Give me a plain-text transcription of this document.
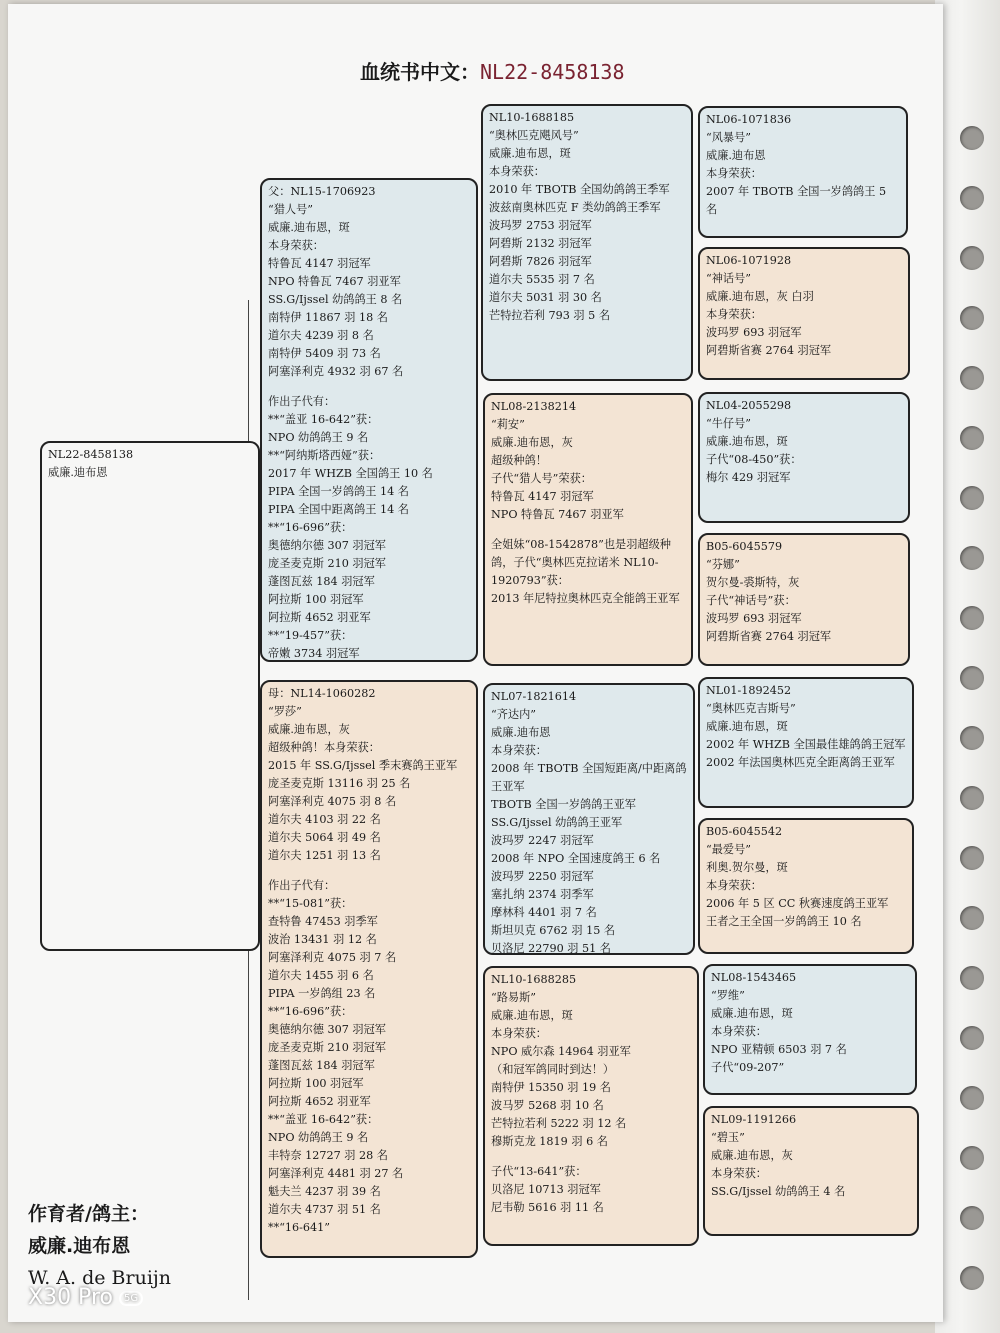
血统书中文：NL22-8458138
NL22-8458138
威廉.迪布恩
父：NL15-1706923
“猎人号”
威廉.迪布恩，斑
本身荣获：
特鲁瓦 4147 羽冠军
NPO 特鲁瓦 7467 羽亚军
SS.G/Ijssel 幼鸽鸽王 8 名
南特伊 11867 羽 18 名
道尔夫 4239 羽 8 名
南特伊 5409 羽 73 名
阿塞泽利克 4932 羽 67 名
作出子代有：
**“盖亚 16-642”获：
NPO 幼鸽鸽王 9 名
**“阿纳斯塔西娅”获：
2017 年 WHZB 全国鸽王 10 名
PIPA 全国一岁鸽鸽王 14 名
PIPA 全国中距离鸽王 14 名
**“16-696”获：
奥德纳尔德 307 羽冠军
庞圣麦克斯 210 羽冠军
蓬图瓦兹 184 羽冠军
阿拉斯 100 羽冠军
阿拉斯 4652 羽亚军
**“19-457”获：
帝嫩 3734 羽冠军
母：NL14-1060282
“罗莎”
威廉.迪布恩，灰
超级种鸽！本身荣获：
2015 年 SS.G/Ijssel 季末赛鸽王亚军
庞圣麦克斯 13116 羽 25 名
阿塞泽利克 4075 羽 8 名
道尔夫 4103 羽 22 名
道尔夫 5064 羽 49 名
道尔夫 1251 羽 13 名
作出子代有：
**“15-081”获：
查特鲁 47453 羽季军
波治 13431 羽 12 名
阿塞泽利克 4075 羽 7 名
道尔夫 1455 羽 6 名
PIPA 一岁鸽组 23 名
**“16-696”获：
奥德纳尔德 307 羽冠军
庞圣麦克斯 210 羽冠军
蓬图瓦兹 184 羽冠军
阿拉斯 100 羽冠军
阿拉斯 4652 羽亚军
**“盖亚 16-642”获：
NPO 幼鸽鸽王 9 名
丰特奈 12727 羽 28 名
阿塞泽利克 4481 羽 27 名
魁夫兰 4237 羽 39 名
道尔夫 4737 羽 51 名
**“16-641”
NL10-1688185
“奥林匹克飓风号”
威廉.迪布恩，斑
本身荣获：
2010 年 TBOTB 全国幼鸽鸽王季军
波兹南奥林匹克 F 类幼鸽鸽王季军
波玛罗 2753 羽冠军
阿碧斯 2132 羽冠军
阿碧斯 7826 羽冠军
道尔夫 5535 羽 7 名
道尔夫 5031 羽 30 名
芒特拉若利 793 羽 5 名
NL08-2138214
“莉安”
威廉.迪布恩，灰
超级种鸽！
子代“猎人号”荣获：
特鲁瓦 4147 羽冠军
NPO 特鲁瓦 7467 羽亚军
全姐妹“08-1542878”也是羽超级种鸽，子代“奥林匹克拉诺米 NL10-1920793”获：
2013 年尼特拉奥林匹克全能鸽王亚军
NL07-1821614
“齐达内”
威廉.迪布恩
本身荣获：
2008 年 TBOTB 全国短距离/中距离鸽王亚军
TBOTB 全国一岁鸽鸽王亚军
SS.G/Ijssel 幼鸽鸽王亚军
波玛罗 2247 羽冠军
2008 年 NPO 全国速度鸽王 6 名
波玛罗 2250 羽冠军
塞扎纳 2374 羽季军
摩林科 4401 羽 7 名
斯坦贝克 6762 羽 15 名
贝洛尼 22790 羽 51 名
NL10-1688285
“路易斯”
威廉.迪布恩，斑
本身荣获：
NPO 威尔森 14964 羽亚军
（和冠军鸽同时到达！）
南特伊 15350 羽 19 名
波马罗 5268 羽 10 名
芒特拉若利 5222 羽 12 名
穆斯克龙 1819 羽 6 名
子代“13-641”获：
贝洛尼 10713 羽冠军
尼韦勒 5616 羽 11 名
NL06-1071836
“风暴号”
威廉.迪布恩
本身荣获：
2007 年 TBOTB 全国一岁鸽鸽王 5 名
NL06-1071928
“神话号”
威廉.迪布恩，灰 白羽
本身荣获：
波玛罗 693 羽冠军
阿碧斯省赛 2764 羽冠军
NL04-2055298
“牛仔号”
威廉.迪布恩，斑
子代“08-450”获：
梅尔 429 羽冠军
B05-6045579
“芬娜”
贺尔曼-裘斯特，灰
子代“神话号”获：
波玛罗 693 羽冠军
阿碧斯省赛 2764 羽冠军
NL01-1892452
“奥林匹克吉斯号”
威廉.迪布恩，斑
2002 年 WHZB 全国最佳雄鸽鸽王冠军
2002 年法国奥林匹克全距离鸽王亚军
B05-6045542
“最爱号”
利奥.贺尔曼，斑
本身荣获：
2006 年 5 区 CC 秋赛速度鸽王亚军
王者之王全国一岁鸽鸽王 10 名
NL08-1543465
“罗维”
威廉.迪布恩，斑
本身荣获：
NPO 亚精顿 6503 羽 7 名
子代“09-207”
NL09-1191266
“碧玉”
威廉.迪布恩，灰
本身荣获：
SS.G/Ijssel 幼鸽鸽王 4 名
作育者/鸽主：
威廉.迪布恩
W. A. de Bruijn
X30 Pro 5G
